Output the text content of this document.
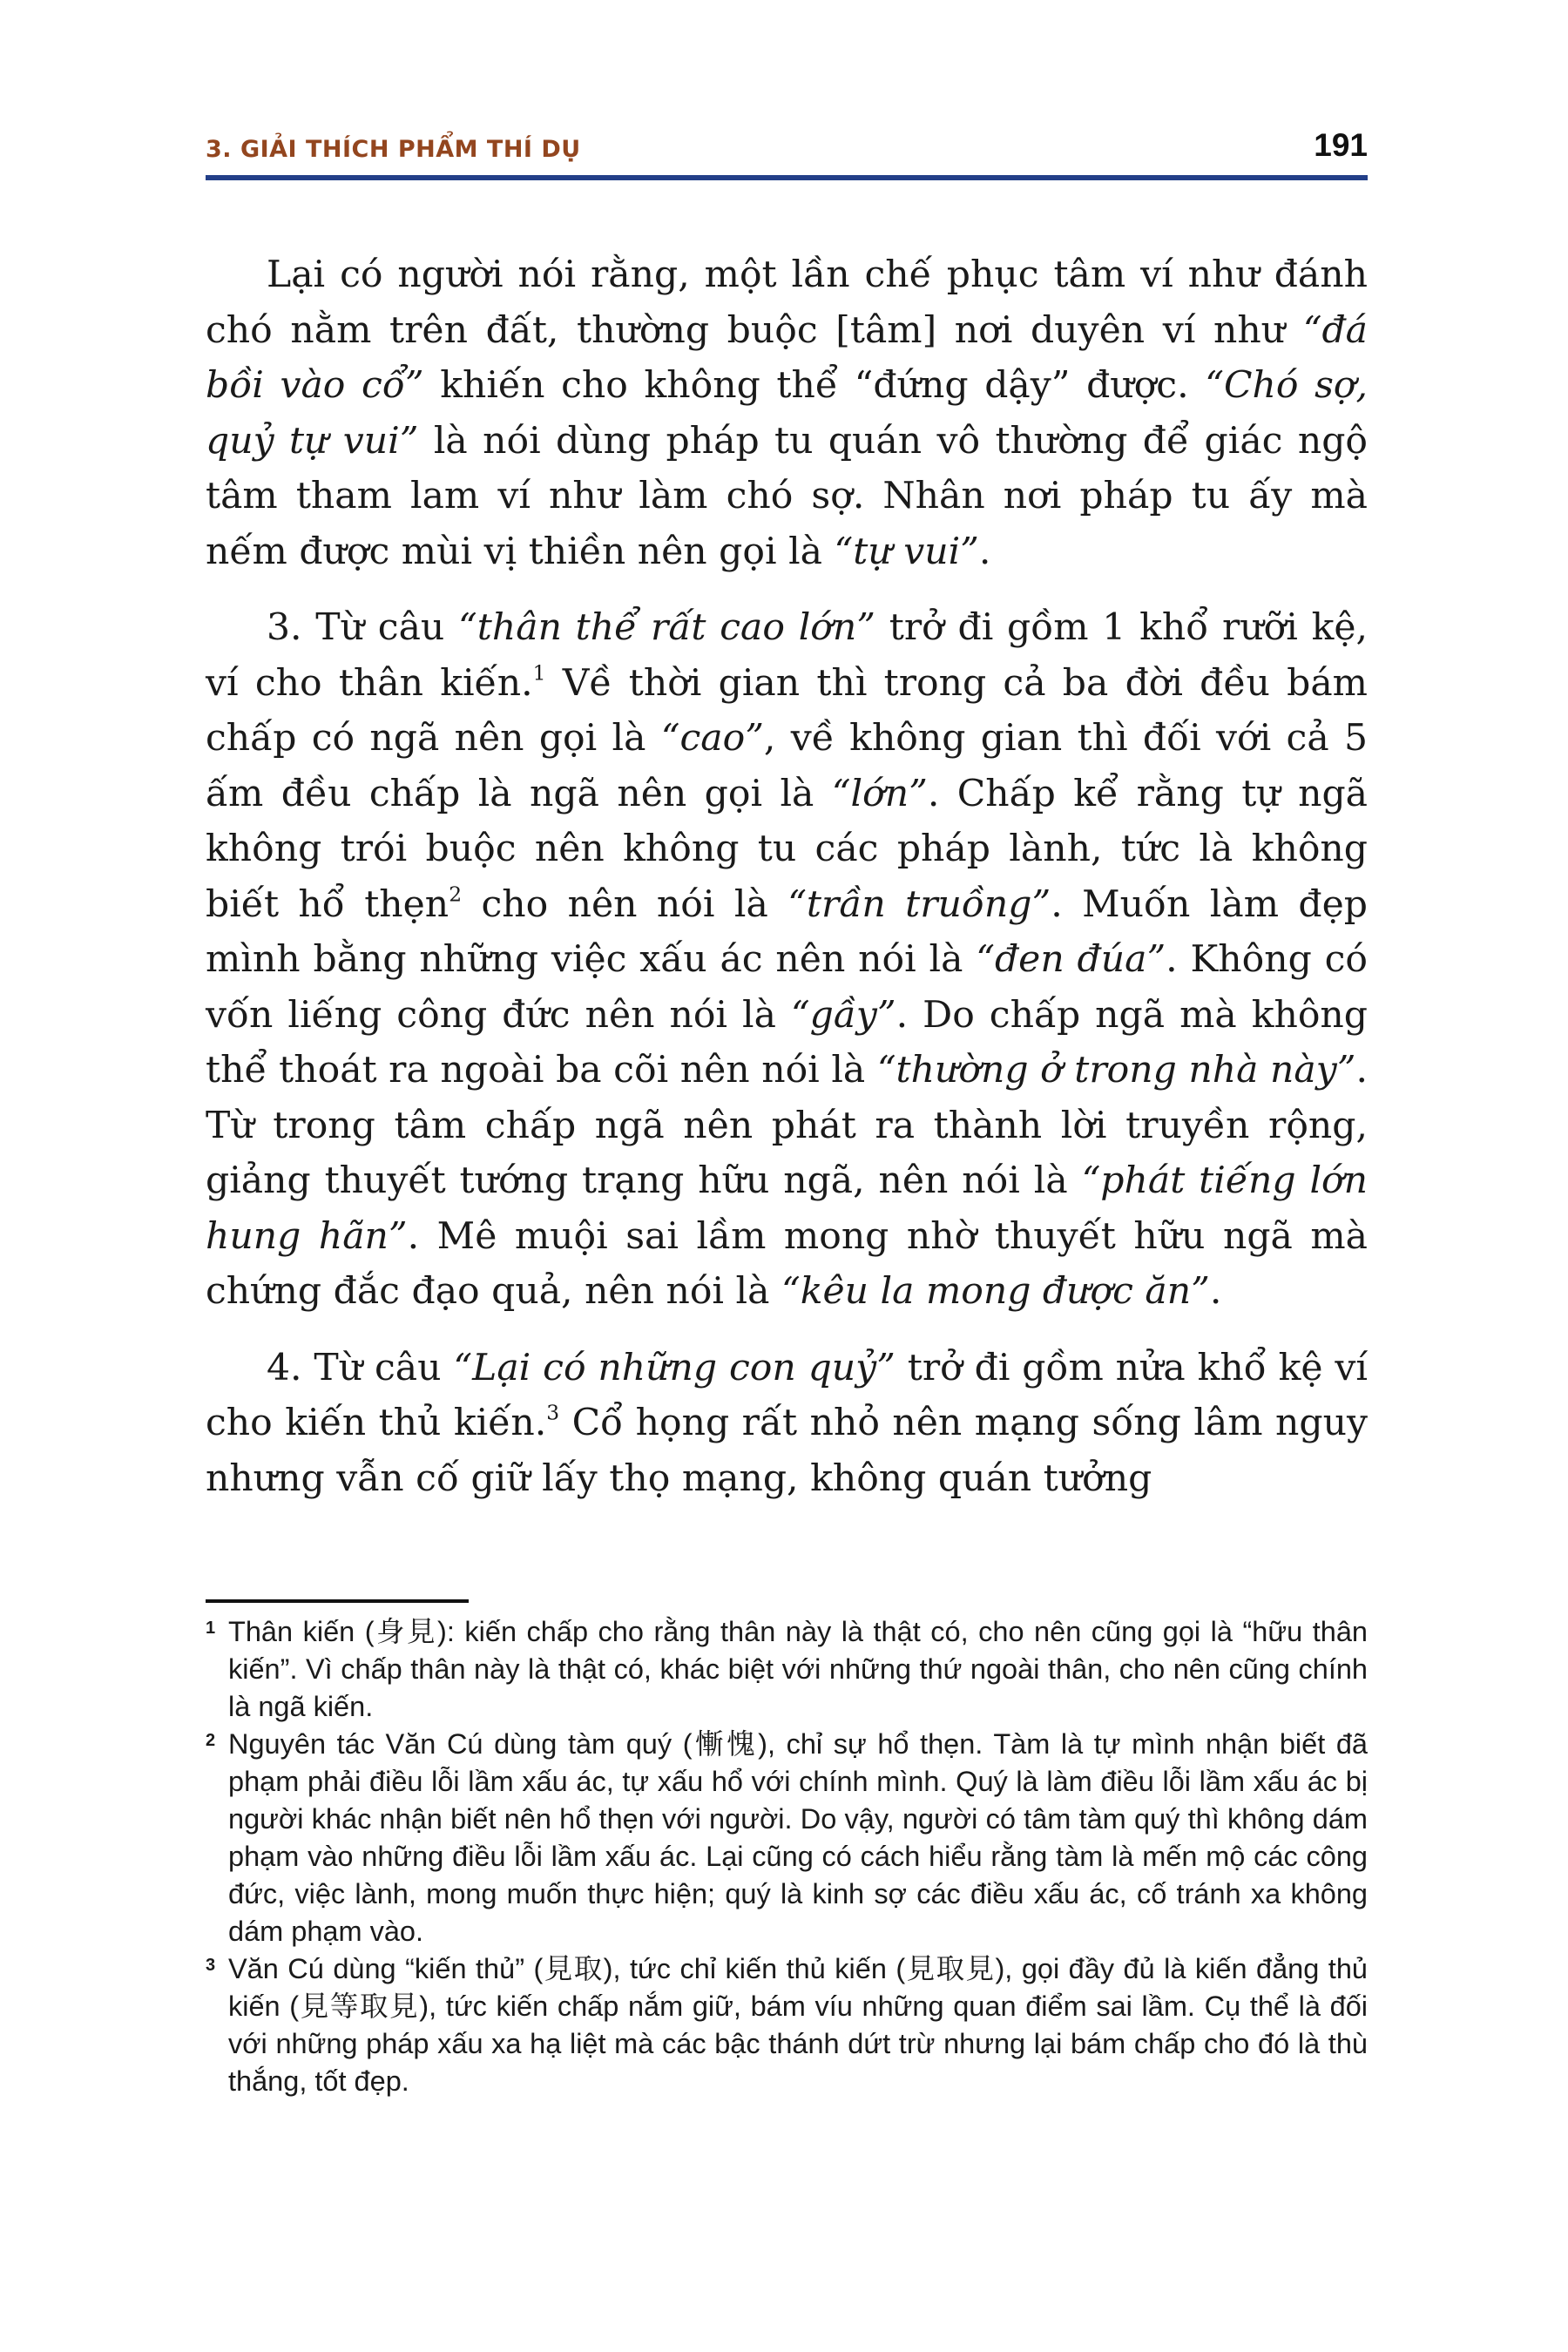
3. GIẢI THÍCH PHẨM THÍ DỤ	191

Lại có người nói rằng, một lần chế phục tâm ví như đánh chó nằm trên đất, thường buộc [tâm] nơi duyên ví như “đá bồi vào cổ” khiến cho không thể “đứng dậy” được. “Chó sợ, quỷ tự vui” là nói dùng pháp tu quán vô thường để giác ngộ tâm tham lam ví như làm chó sợ. Nhân nơi pháp tu ấy mà nếm được mùi vị thiền nên gọi là “tự vui”.

3. Từ câu “thân thể rất cao lớn” trở đi gồm 1 khổ rưỡi kệ, ví cho thân kiến.$^1$ Về thời gian thì trong cả ba đời đều bám chấp có ngã nên gọi là “cao”, về không gian thì đối với cả 5 ấm đều chấp là ngã nên gọi là “lớn”. Chấp kể rằng tự ngã không trói buộc nên không tu các pháp lành, tức là không biết hổ thẹn$^2$ cho nên nói là “trần truồng”. Muốn làm đẹp mình bằng những việc xấu ác nên nói là “đen đúa”. Không có vốn liếng công đức nên nói là “gầy”. Do chấp ngã mà không thể thoát ra ngoài ba cõi nên nói là “thường ở trong nhà này”. Từ trong tâm chấp ngã nên phát ra thành lời truyền rộng, giảng thuyết tướng trạng hữu ngã, nên nói là “phát tiếng lớn hung hãn”. Mê muội sai lầm mong nhờ thuyết hữu ngã mà chứng đắc đạo quả, nên nói là “kêu la mong được ăn”.

4. Từ câu “Lại có những con quỷ” trở đi gồm nửa khổ kệ ví cho kiến thủ kiến.$^3$ Cổ họng rất nhỏ nên mạng sống lâm nguy nhưng vẫn cố giữ lấy thọ mạng, không quán tưởng

1 Thân kiến (身見): kiến chấp cho rằng thân này là thật có, cho nên cũng gọi là “hữu thân kiến”. Vì chấp thân này là thật có, khác biệt với những thứ ngoài thân, cho nên cũng chính là ngã kiến.

2 Nguyên tác Văn Cú dùng tàm quý (慚愧), chỉ sự hổ thẹn. Tàm là tự mình nhận biết đã phạm phải điều lỗi lầm xấu ác, tự xấu hổ với chính mình. Quý là làm điều lỗi lầm xấu ác bị người khác nhận biết nên hổ thẹn với người. Do vậy, người có tâm tàm quý thì không dám phạm vào những điều lỗi lầm xấu ác. Lại cũng có cách hiểu rằng tàm là mến mộ các công đức, việc lành, mong muốn thực hiện; quý là kinh sợ các điều xấu ác, cố tránh xa không dám phạm vào.

3 Văn Cú dùng “kiến thủ” (見取), tức chỉ kiến thủ kiến (見取見), gọi đầy đủ là kiến đẳng thủ kiến (見等取見), tức kiến chấp nắm giữ, bám víu những quan điểm sai lầm. Cụ thể là đối với những pháp xấu xa hạ liệt mà các bậc thánh dứt trừ nhưng lại bám chấp cho đó là thù thắng, tốt đẹp.
